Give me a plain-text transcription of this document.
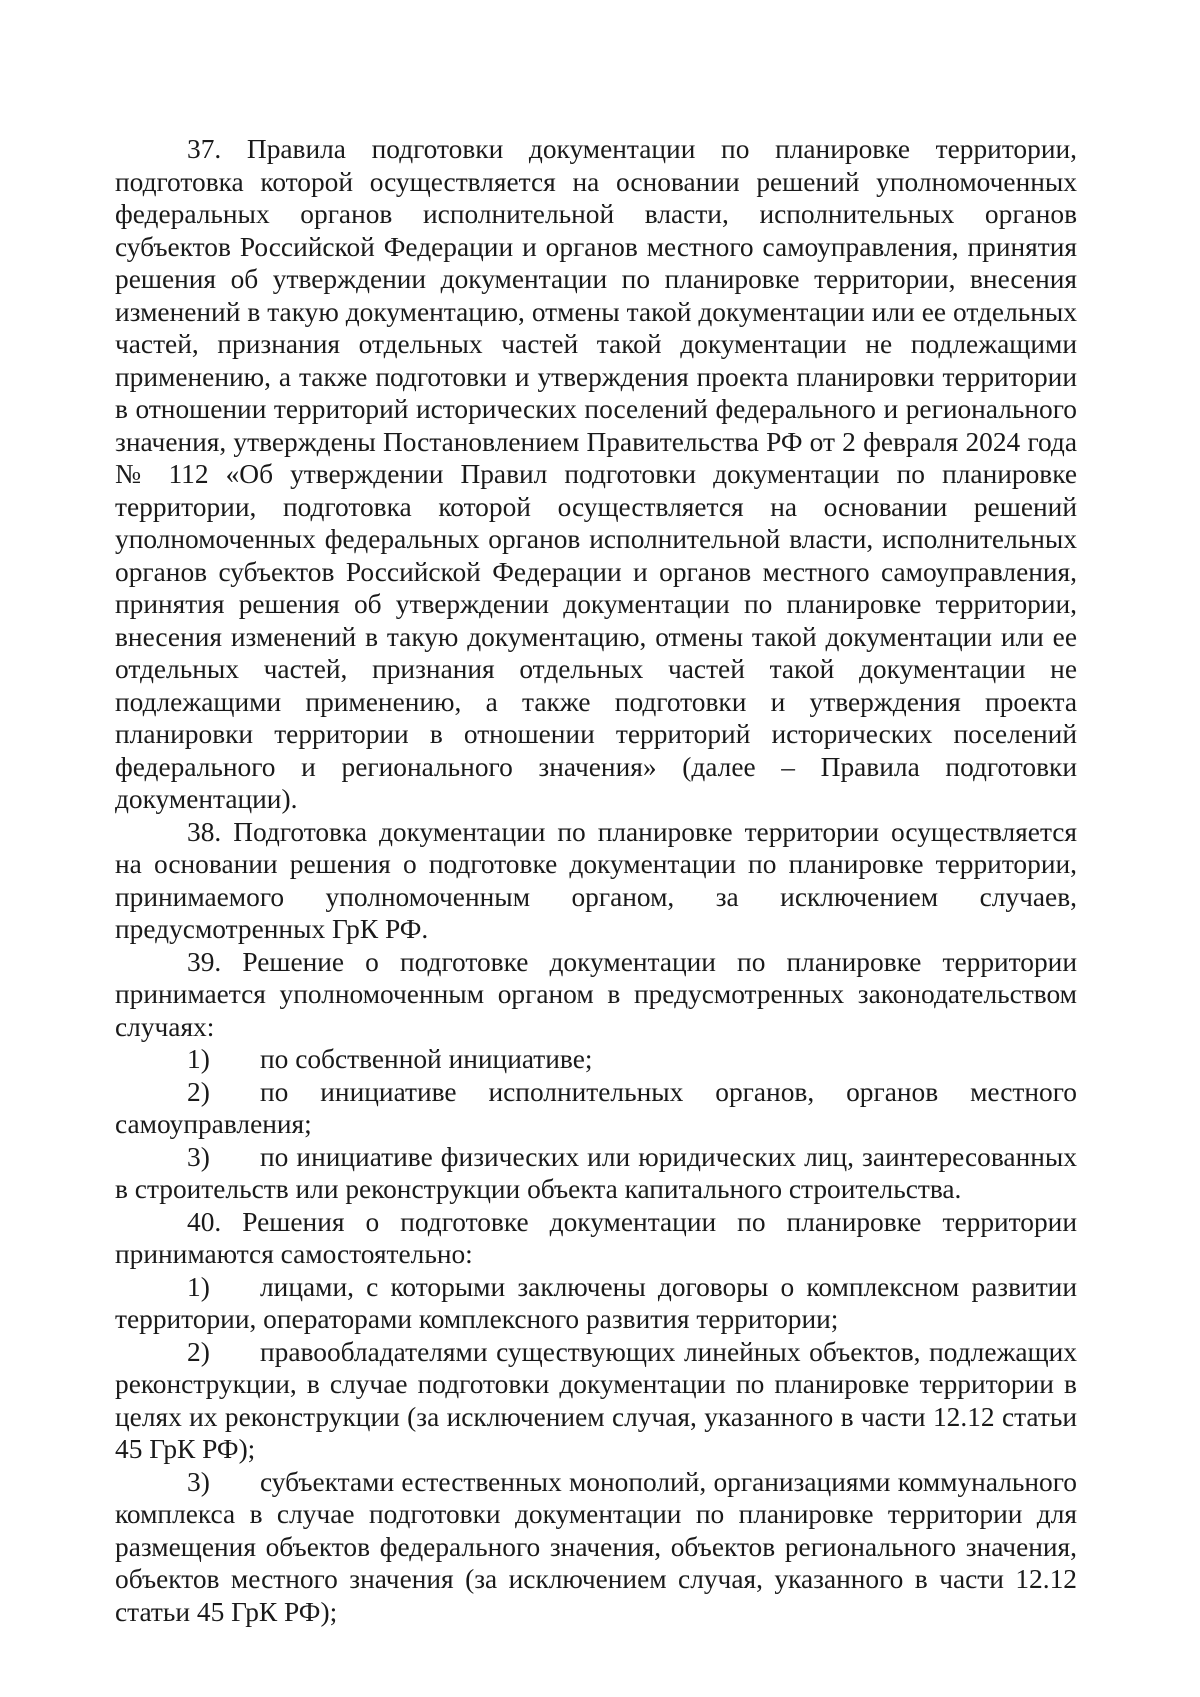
37. Правила подготовки документации по планировке территории, подготовка которой осуществляется на основании решений уполномоченных федеральных органов исполнительной власти, исполнительных органов субъектов Российской Федерации и органов местного самоуправления, принятия решения об утверждении документации по планировке территории, внесения изменений в такую документацию, отмены такой документации или ее отдельных частей, признания отдельных частей такой документации не подлежащими применению, а также подготовки и утверждения проекта планировки территории в отношении территорий исторических поселений федерального и регионального значения, утверждены Постановлением Правительства РФ от 2 февраля 2024 года № 112 «Об утверждении Правил подготовки документации по планировке территории, подготовка которой осуществляется на основании решений уполномоченных федеральных органов исполнительной власти, исполнительных органов субъектов Российской Федерации и органов местного самоуправления, принятия решения об утверждении документации по планировке территории, внесения изменений в такую документацию, отмены такой документации или ее отдельных частей, признания отдельных частей такой документации не подлежащими применению, а также подготовки и утверждения проекта планировки территории в отношении территорий исторических поселений федерального и регионального значения» (далее – Правила подготовки документации).

38. Подготовка документации по планировке территории осуществляется на основании решения о подготовке документации по планировке территории, принимаемого уполномоченным органом, за исключением случаев, предусмотренных ГрК РФ.

39. Решение о подготовке документации по планировке территории принимается уполномоченным органом в предусмотренных законодательством случаях:

1) по собственной инициативе;

2) по инициативе исполнительных органов, органов местного самоуправления;

3) по инициативе физических или юридических лиц, заинтересованных в строительств или реконструкции объекта капитального строительства.

40. Решения о подготовке документации по планировке территории принимаются самостоятельно:

1) лицами, с которыми заключены договоры о комплексном развитии территории, операторами комплексного развития территории;

2) правообладателями существующих линейных объектов, подлежащих реконструкции, в случае подготовки документации по планировке территории в целях их реконструкции (за исключением случая, указанного в части 12.12 статьи 45 ГрК РФ);

3) субъектами естественных монополий, организациями коммунального комплекса в случае подготовки документации по планировке территории для размещения объектов федерального значения, объектов регионального значения, объектов местного значения (за исключением случая, указанного в части 12.12 статьи 45 ГрК РФ);
